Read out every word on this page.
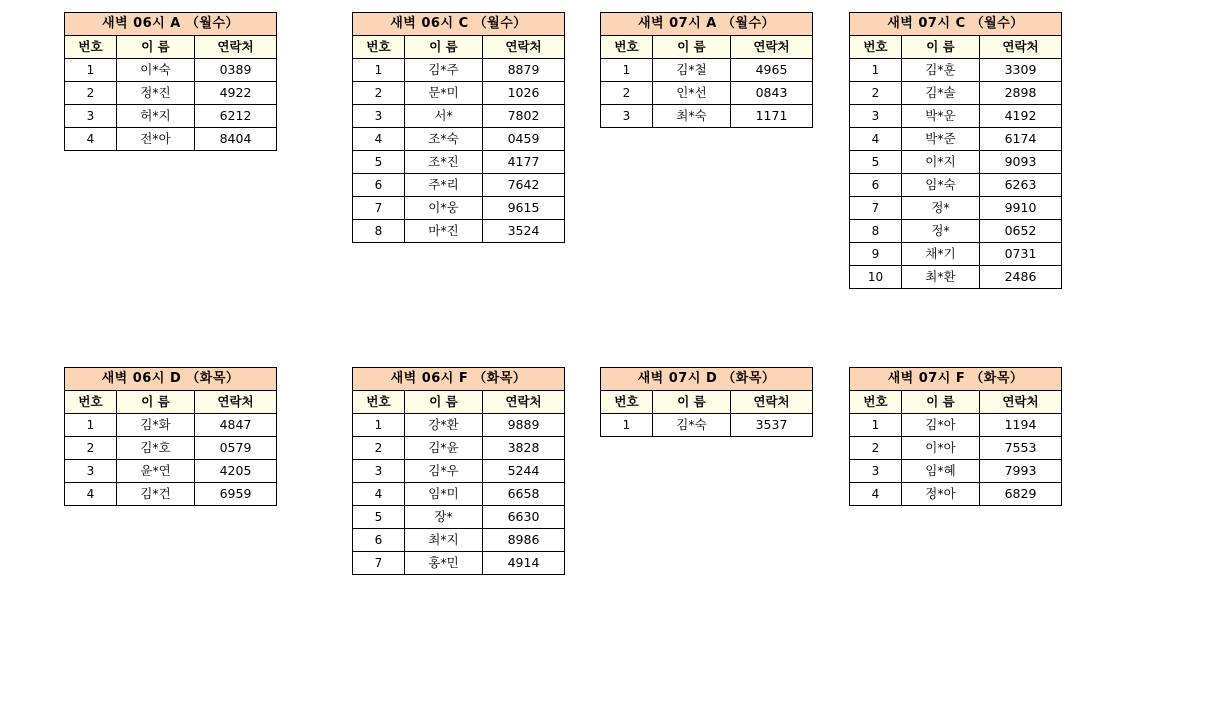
새벽 06시 A （월수）		
번호	이 름	연락처
1	이*숙	0389
2	정*진	4922
3	허*지	6212
4	전*아	8404
새벽 06시 C （월수）		
번호	이 름	연락처
1	김*주	8879
2	문*미	1026
3	서*	7802
4	조*숙	0459
5	조*진	4177
6	주*리	7642
7	이*웅	9615
8	마*진	3524
새벽 07시 A （월수）		
번호	이 름	연락처
1	김*철	4965
2	인*선	0843
3	최*숙	1171
새벽 07시 C （월수）		
번호	이 름	연락처
1	김*훈	3309
2	김*솔	2898
3	박*운	4192
4	박*준	6174
5	이*지	9093
6	임*숙	6263
7	정*	9910
8	정*	0652
9	채*기	0731
10	최*환	2486
새벽 06시 D （화목）		
번호	이 름	연락처
1	김*화	4847
2	김*호	0579
3	윤*연	4205
4	김*건	6959
새벽 06시 F （화목）		
번호	이 름	연락처
1	강*환	9889
2	김*윤	3828
3	김*우	5244
4	임*미	6658
5	장*	6630
6	최*지	8986
7	홍*민	4914
새벽 07시 D （화목）		
번호	이 름	연락처
1	김*숙	3537
새벽 07시 F （화목）		
번호	이 름	연락처
1	김*아	1194
2	이*아	7553
3	임*혜	7993
4	정*아	6829
